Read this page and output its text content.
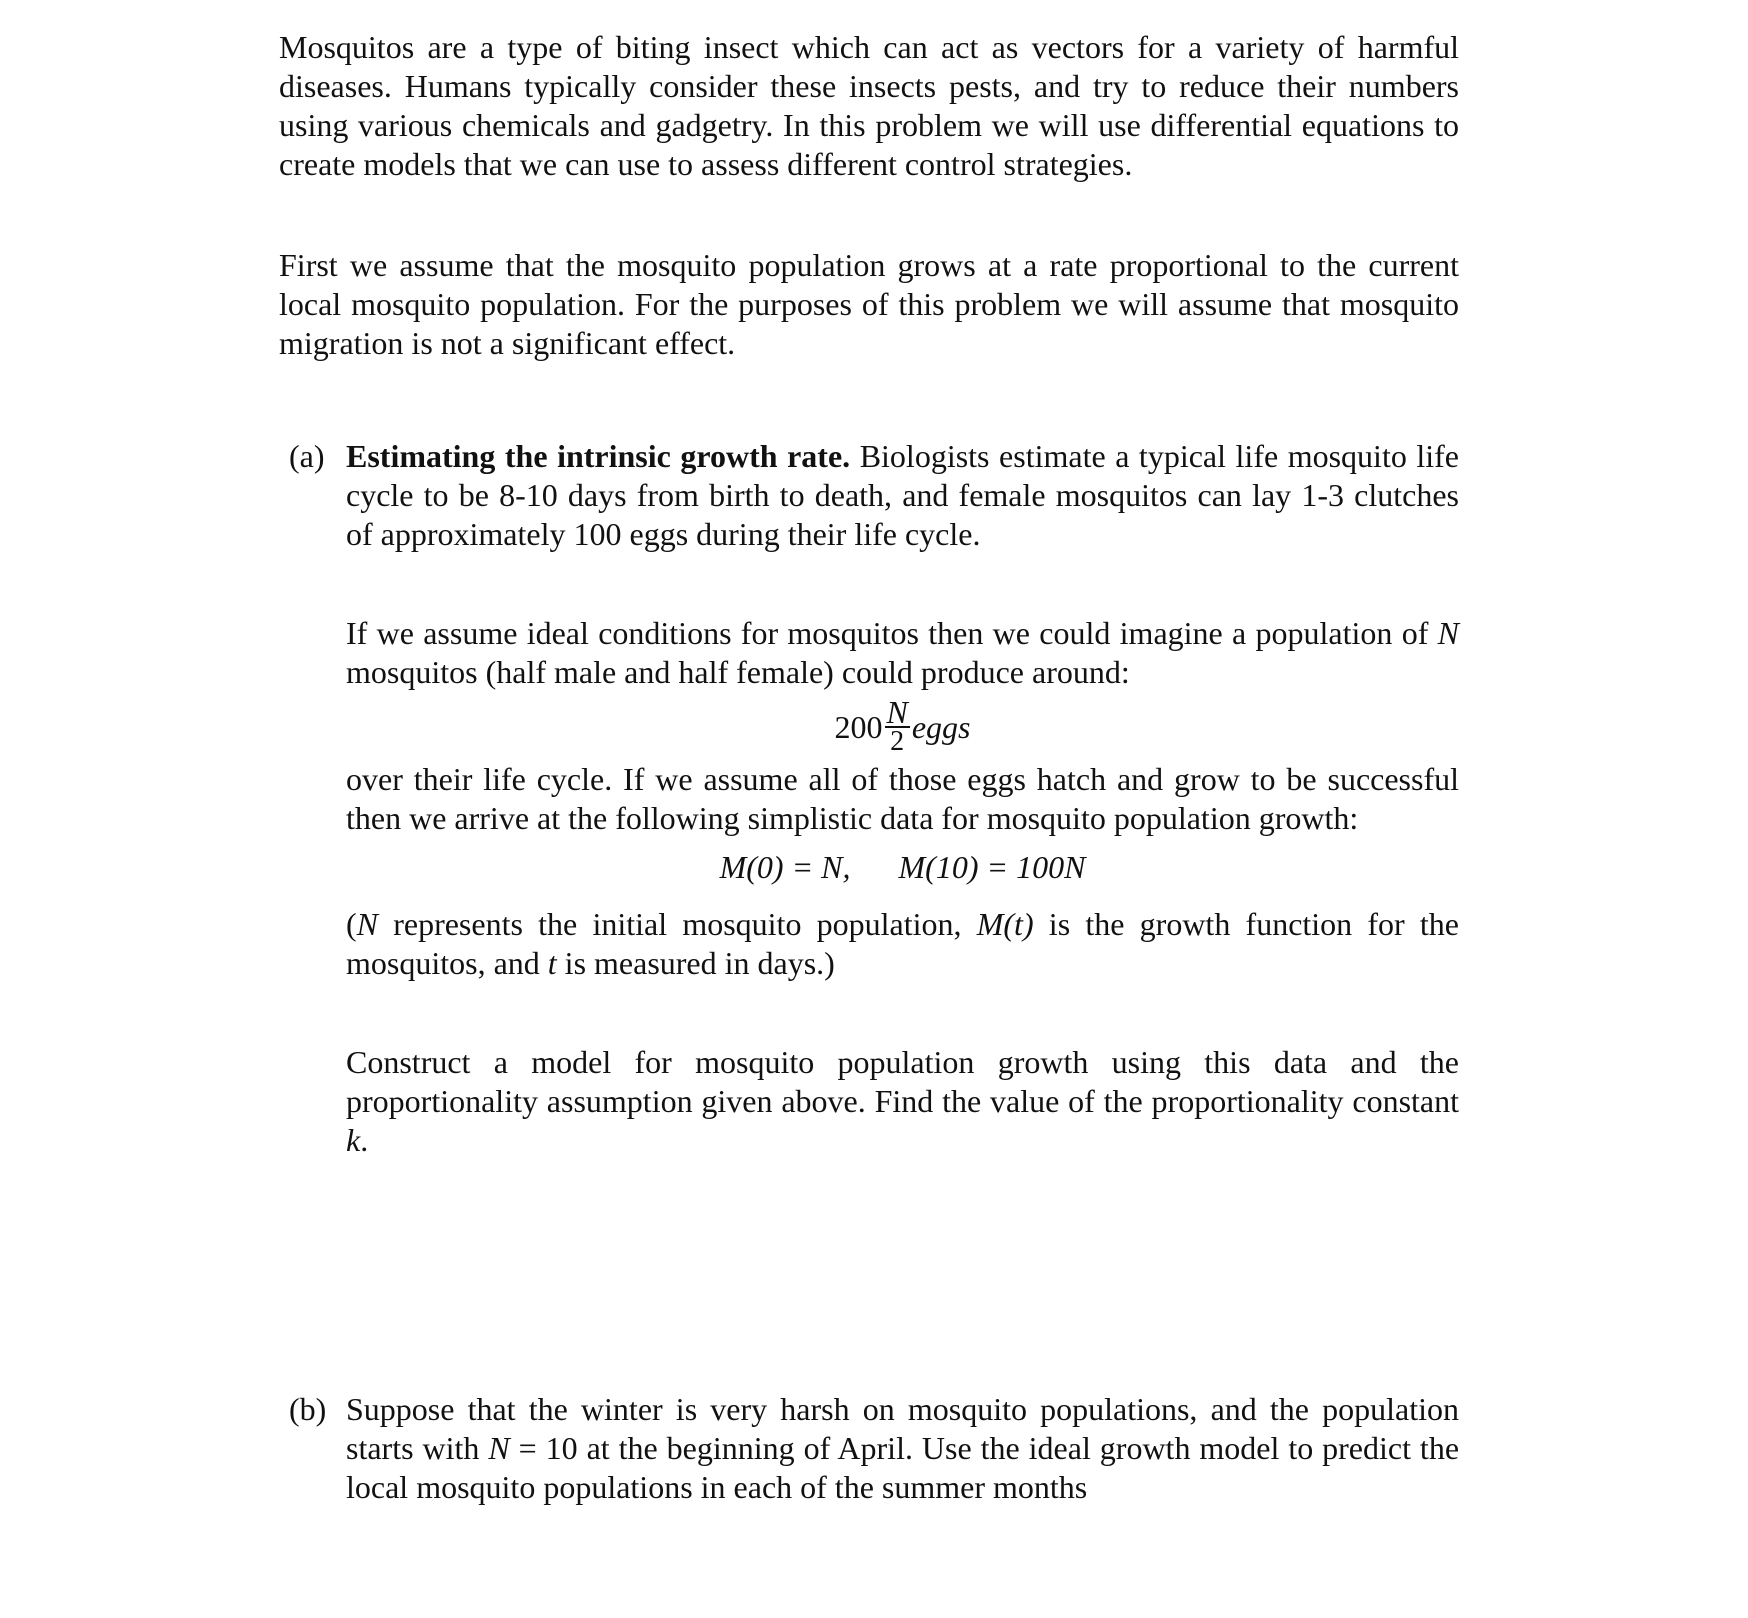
Mosquitos are a type of biting insect which can act as vectors for a variety of harmful diseases. Humans typically consider these insects pests, and try to reduce their numbers using various chemicals and gadgetry. In this problem we will use differential equations to create models that we can use to assess different control strategies.

First we assume that the mosquito population grows at a rate proportional to the current local mosquito population. For the purposes of this problem we will assume that mosquito migration is not a significant effect.

(a) Estimating the intrinsic growth rate. Biologists estimate a typical life mosquito life cycle to be 8-10 days from birth to death, and female mosquitos can lay 1-3 clutches of approximately 100 eggs during their life cycle.

If we assume ideal conditions for mosquitos then we could imagine a population of N mosquitos (half male and half female) could produce around:

$200 \frac{N}{2}$ eggs

over their life cycle. If we assume all of those eggs hatch and grow to be successful then we arrive at the following simplistic data for mosquito population growth:

M(0) = N, M(10) = 100N

(N represents the initial mosquito population, M(t) is the growth function for the mosquitos, and t is measured in days.)

Construct a model for mosquito population growth using this data and the proportionality assumption given above. Find the value of the proportionality constant k.

(b) Suppose that the winter is very harsh on mosquito populations, and the population starts with N = 10 at the beginning of April. Use the ideal growth model to predict the local mosquito populations in each of the summer months
